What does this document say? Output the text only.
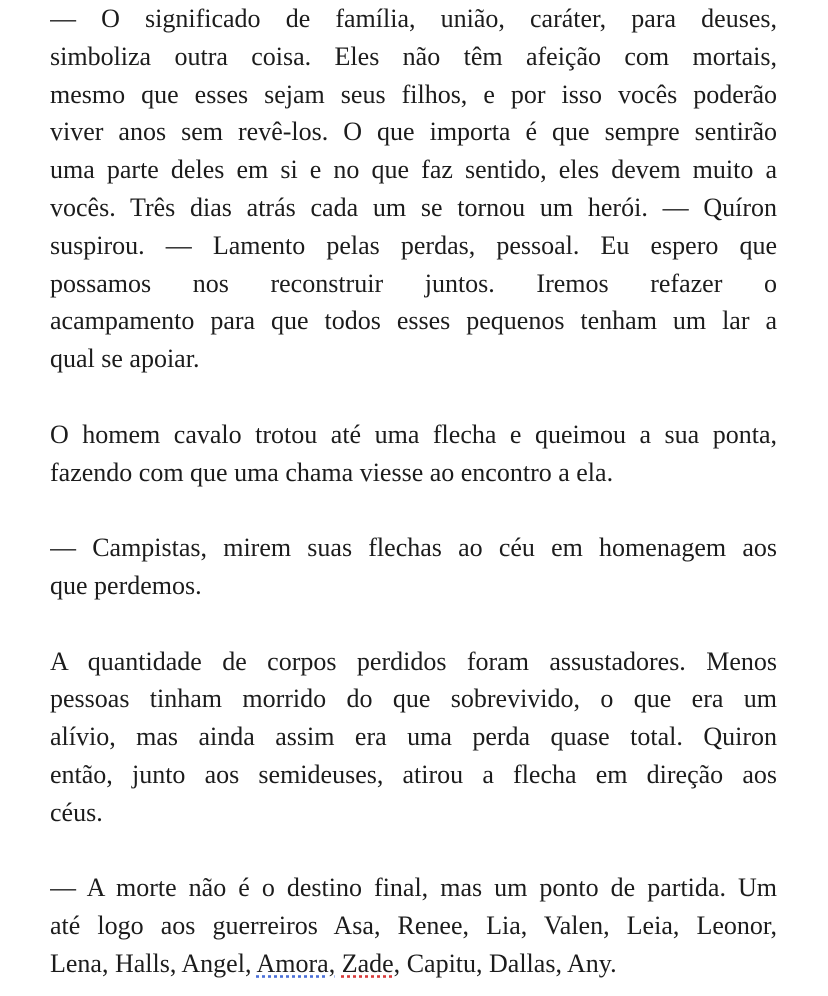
— O significado de família, união, caráter, para deuses,
simboliza outra coisa. Eles não têm afeição com mortais,
mesmo que esses sejam seus filhos, e por isso vocês poderão
viver anos sem revê-los. O que importa é que sempre sentirão
uma parte deles em si e no que faz sentido, eles devem muito a
vocês. Três dias atrás cada um se tornou um herói. — Quíron
suspirou. — Lamento pelas perdas, pessoal. Eu espero que
possamos nos reconstruir juntos. Iremos refazer o
acampamento para que todos esses pequenos tenham um lar a
qual se apoiar.
O homem cavalo trotou até uma flecha e queimou a sua ponta,
fazendo com que uma chama viesse ao encontro a ela.
— Campistas, mirem suas flechas ao céu em homenagem aos
que perdemos.
A quantidade de corpos perdidos foram assustadores. Menos
pessoas tinham morrido do que sobrevivido, o que era um
alívio, mas ainda assim era uma perda quase total. Quiron
então, junto aos semideuses, atirou a flecha em direção aos
céus.
— A morte não é o destino final, mas um ponto de partida. Um
até logo aos guerreiros Asa, Renee, Lia, Valen, Leia, Leonor,
Lena, Halls, Angel, Amora, Zade, Capitu, Dallas, Any.
